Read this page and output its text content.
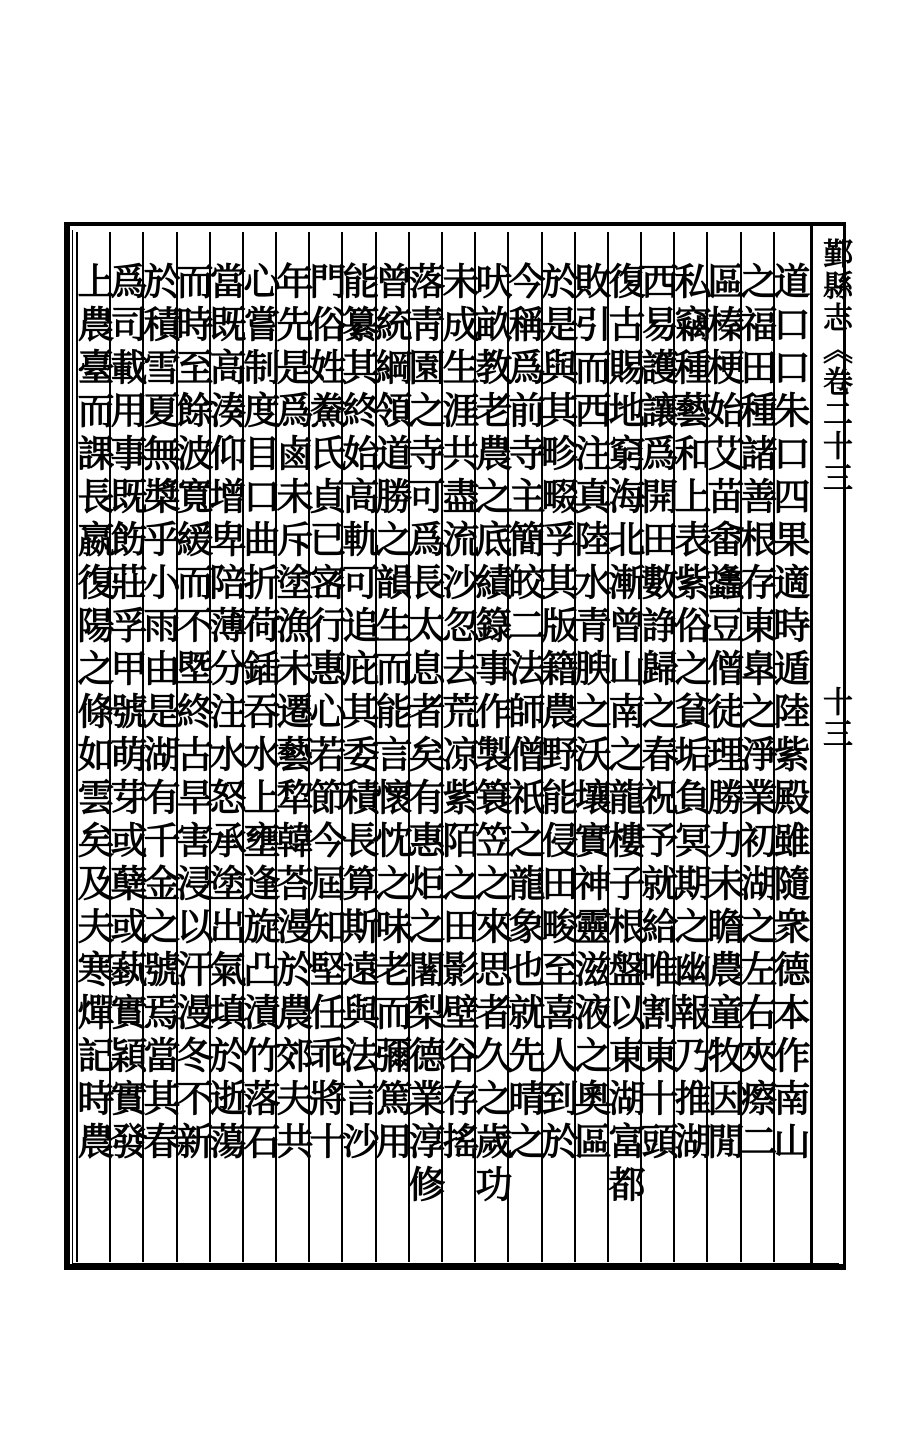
鄞縣志︽卷二十三　　　　　　十三
道口口朱口四果適時遁陸紫殿雖隨衆德本作南山
之福田種諸善根存東臯之淨業初湖之左右夾瘵二
區榛梗始艾苗畬蠭豆僧徒理勝力未瞻農童牧因閒
私竊種藝和上表紫俗之貧垢負冥期之幽報乃推湖
西易護讓爲開田數諍歸之春祝予就給唯割東十頭
復古賜地窮海北漸曾山南之龍樓子根盤以東湖富都
敗引而西注真陸水青腴之沃壤實神靈滋液之奧區
於是與其畛畷孚其版籍農野能侵田畯至喜人到於
今稱爲前寺主簡皎二法師僧祇之龍象也就先晴之
吠畝教老農之底績籙事作製簑笠之來思者久之歲功
未成生涯共盡流沙忽去荒凉紫陌之田影壁谷存搖
落靑園之寺可爲長太息者矣有惠炬之闍梨德業淳修
曾統綱領道勝之韻生而能言懷忱之味老而彌篤用
能纂其終始高軌可追庇其委積長算斯遠與法言沙
門俗姓鮝氏貞已宻行惠心若節今屆知堅任乖將十
年先是爲鹵未斥塗漁未遷藝犂韓荅漫於農郊夫共
心嘗制度目口曲折荷鍤吞水上壅逢旋凸漬竹落石
當既高湊仰增卑陪薄分注水怒承塗出氣填於逝蕩
而時至餘波寬緩而不塈終古旱害浸以汗漫冬不新
於積雪夏無槳乎小雨由是湖有千金之號焉當其春
爲司載用事既飭莊孚甲號萌芽或蘖或蓺實穎實發
上農臺而課長嬴復陽之條如雲矣及夫寒燀記時農
